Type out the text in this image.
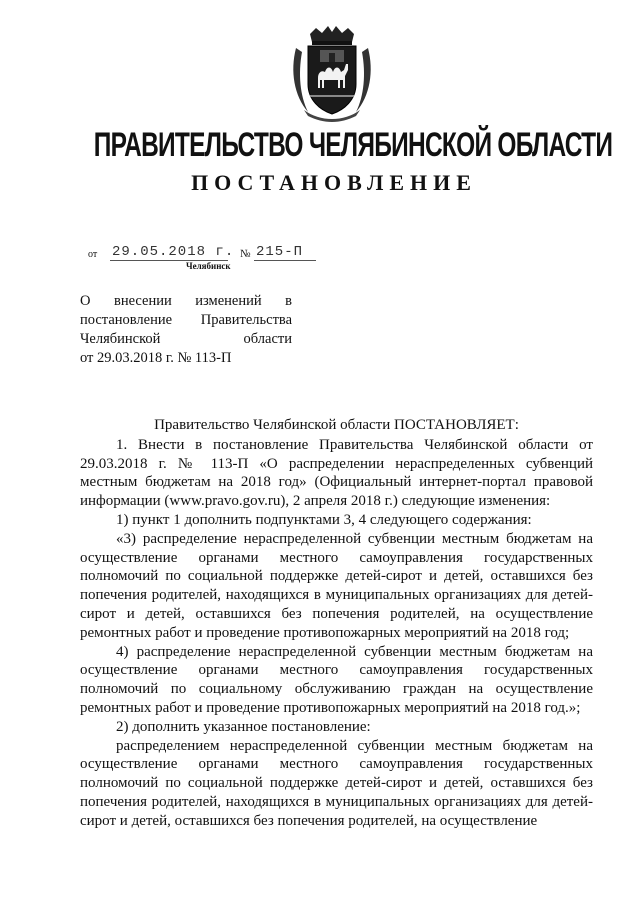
ПРАВИТЕЛЬСТВО ЧЕЛЯБИНСКОЙ ОБЛАСТИ
ПОСТАНОВЛЕНИЕ
от 29.05.2018 г. № 215-П
Челябинск
О внесении изменений в
постановление Правительства
Челябинской области
от 29.03.2018 г. № 113-П

Правительство Челябинской области ПОСТАНОВЛЯЕТ:

1. Внести в постановление Правительства Челябинской области от 29.03.2018 г. № 113-П «О распределении нераспределенных субвенций местным бюджетам на 2018 год» (Официальный интернет-портал правовой информации (www.pravo.gov.ru), 2 апреля 2018 г.) следующие изменения:

1) пункт 1 дополнить подпунктами 3, 4 следующего содержания:

«3) распределение нераспределенной субвенции местным бюджетам на осуществление органами местного самоуправления государственных полномочий по социальной поддержке детей-сирот и детей, оставшихся без попечения родителей, находящихся в муниципальных организациях для детей-сирот и детей, оставшихся без попечения родителей, на осуществление ремонтных работ и проведение противопожарных мероприятий на 2018 год;

4) распределение нераспределенной субвенции местным бюджетам на осуществление органами местного самоуправления государственных полномочий по социальному обслуживанию граждан на осуществление ремонтных работ и проведение противопожарных мероприятий на 2018 год.»;

2) дополнить указанное постановление:

распределением нераспределенной субвенции местным бюджетам на осуществление органами местного самоуправления государственных полномочий по социальной поддержке детей-сирот и детей, оставшихся без попечения родителей, находящихся в муниципальных организациях для детей-сирот и детей, оставшихся без попечения родителей, на осуществление
